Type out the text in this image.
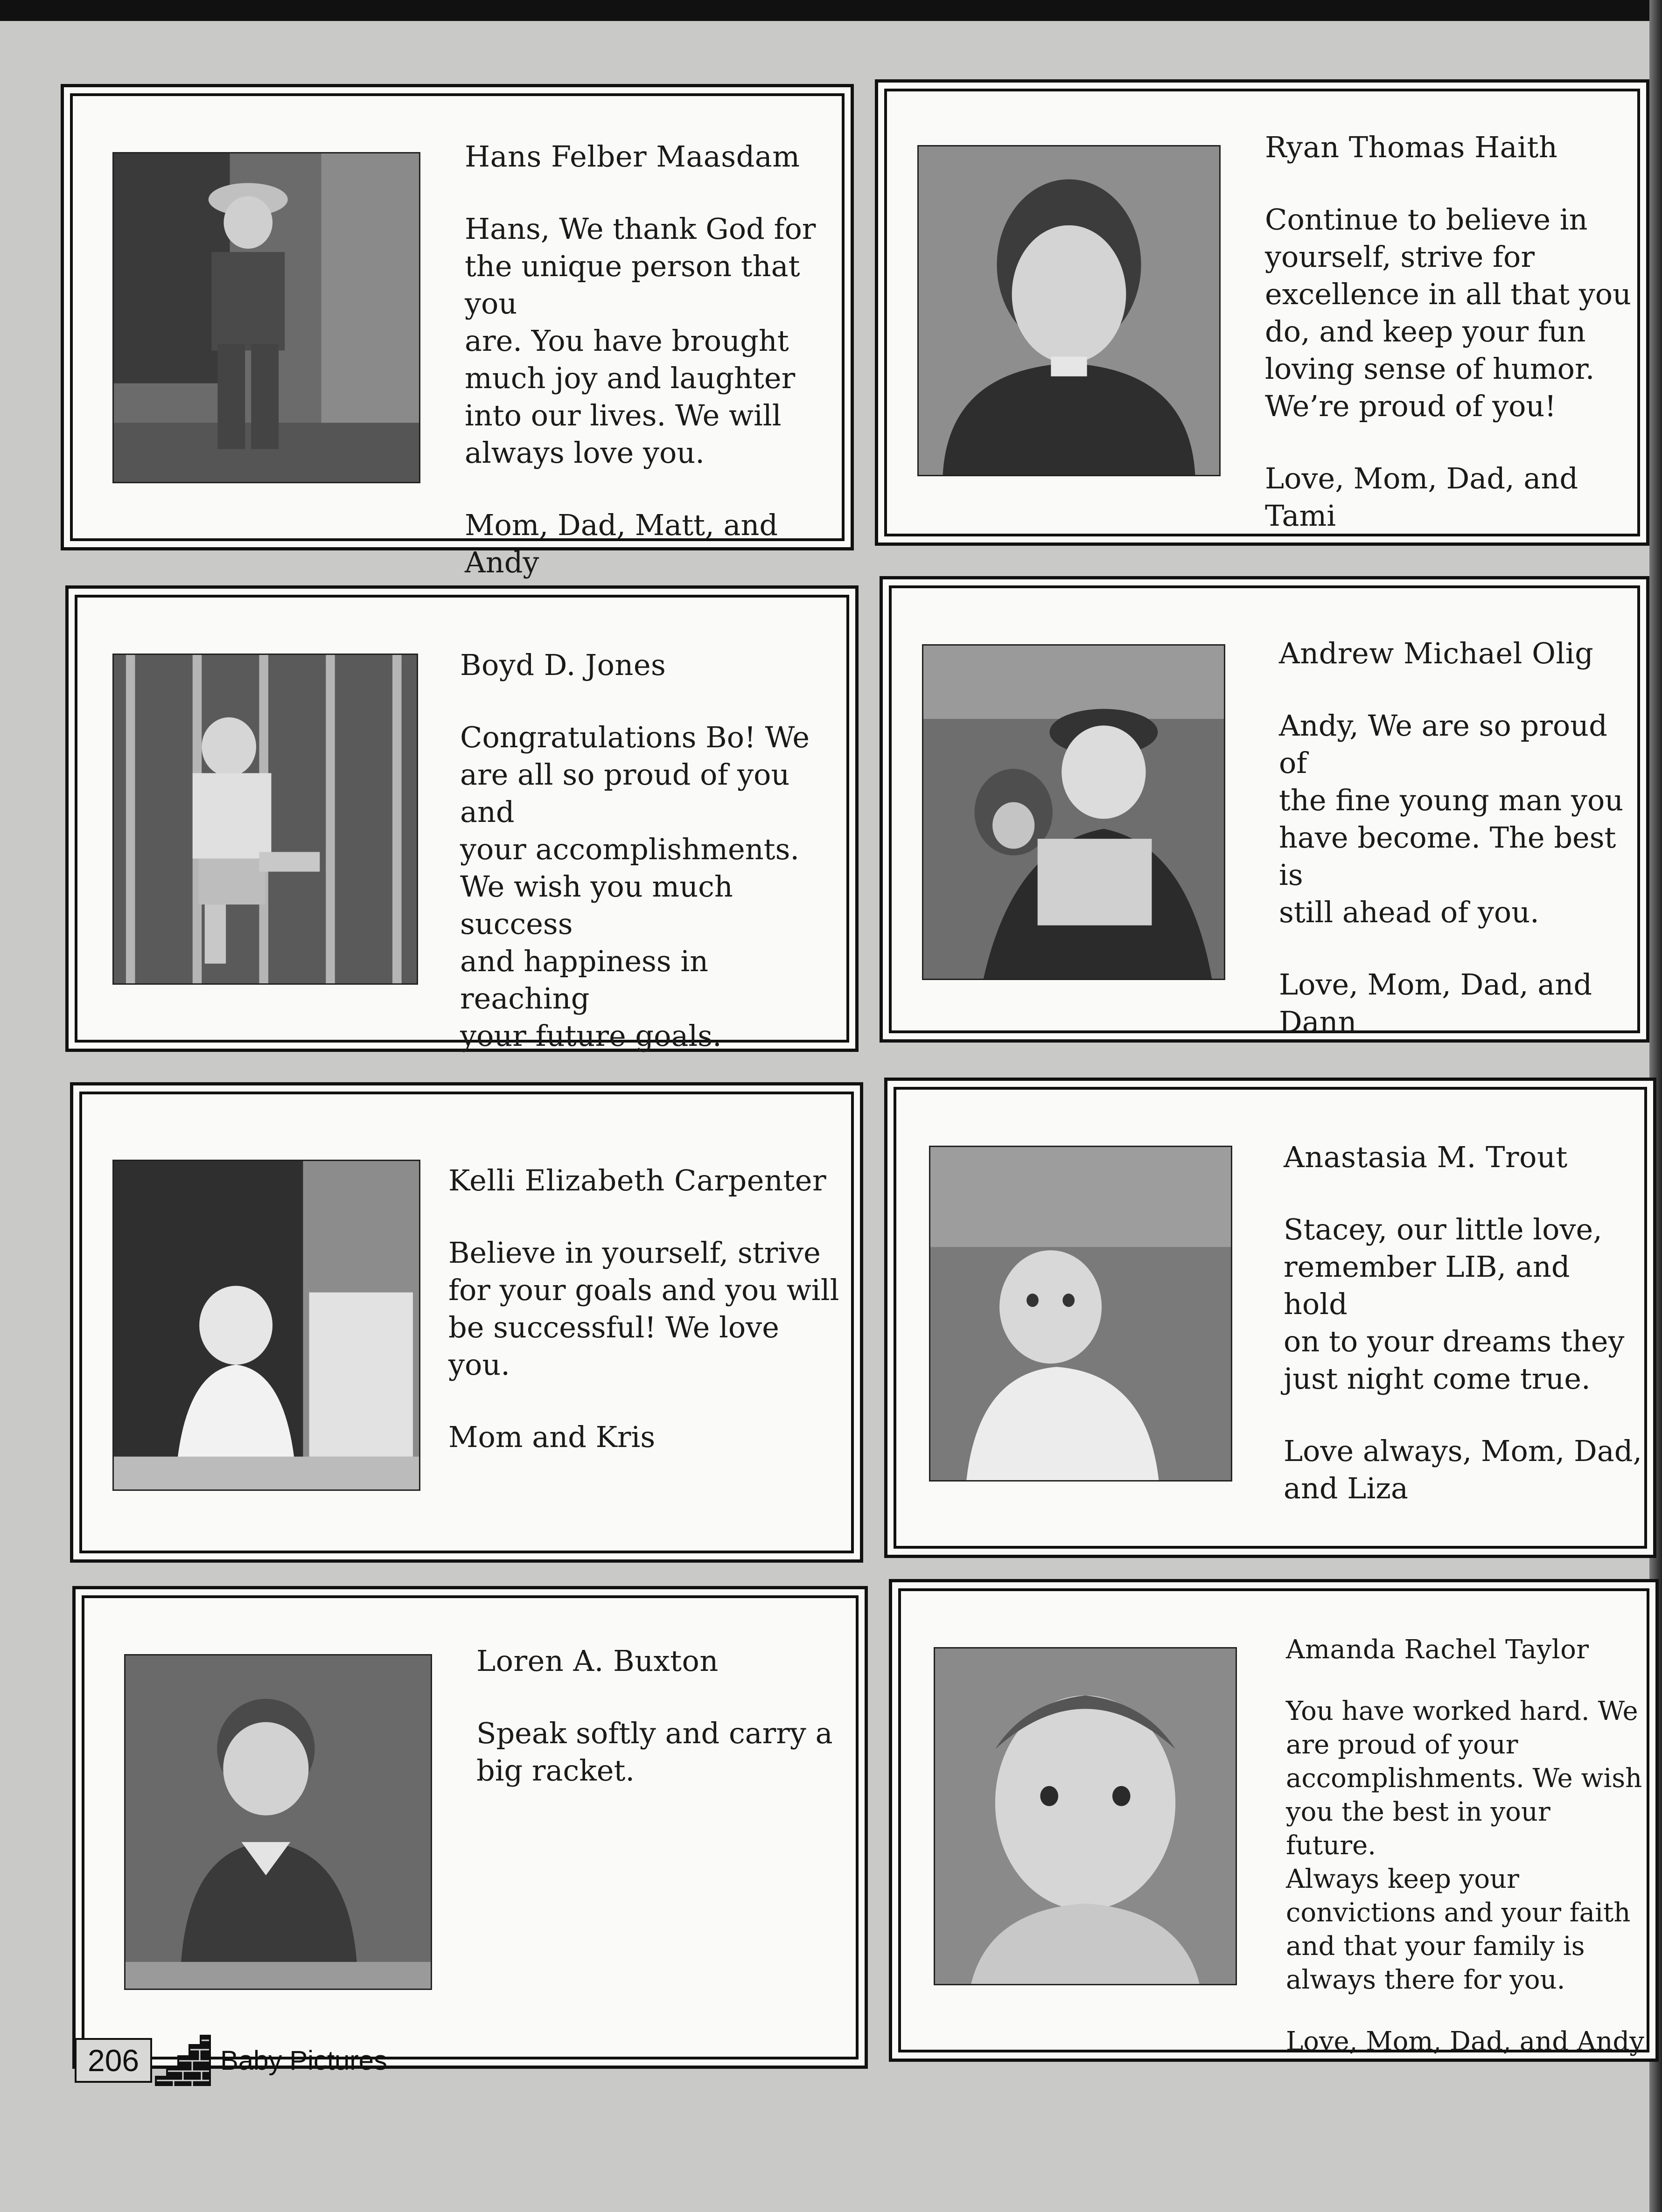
Hans Felber Maasdam
Hans, We thank God for
the unique person that you
are. You have brought
much joy and laughter
into our lives. We will
always love you.
Mom, Dad, Matt, and
Andy
Ryan Thomas Haith
Continue to believe in
yourself, strive for
excellence in all that you
do, and keep your fun
loving sense of humor.
We’re proud of you!
Love, Mom, Dad, and
Tami
Boyd D. Jones
Congratulations Bo! We
are all so proud of you and
your accomplishments.
We wish you much success
and happiness in reaching
your future goals.
Andrew Michael Olig
Andy, We are so proud of
the fine young man you
have become. The best is
still ahead of you.
Love, Mom, Dad, and
Dann
Kelli Elizabeth Carpenter
Believe in yourself, strive
for your goals and you will
be successful! We love
you.
Mom and Kris
Anastasia M. Trout
Stacey, our little love,
remember LIB, and hold
on to your dreams they
just night come true.
Love always, Mom, Dad,
and Liza
Loren A. Buxton
Speak softly and carry a
big racket.
Amanda Rachel Taylor
You have worked hard. We
are proud of your
accomplishments. We wish
you the best in your future.
Always keep your
convictions and your faith
and that your family is
always there for you.
Love, Mom, Dad, and Andy
206	Baby Pictures
